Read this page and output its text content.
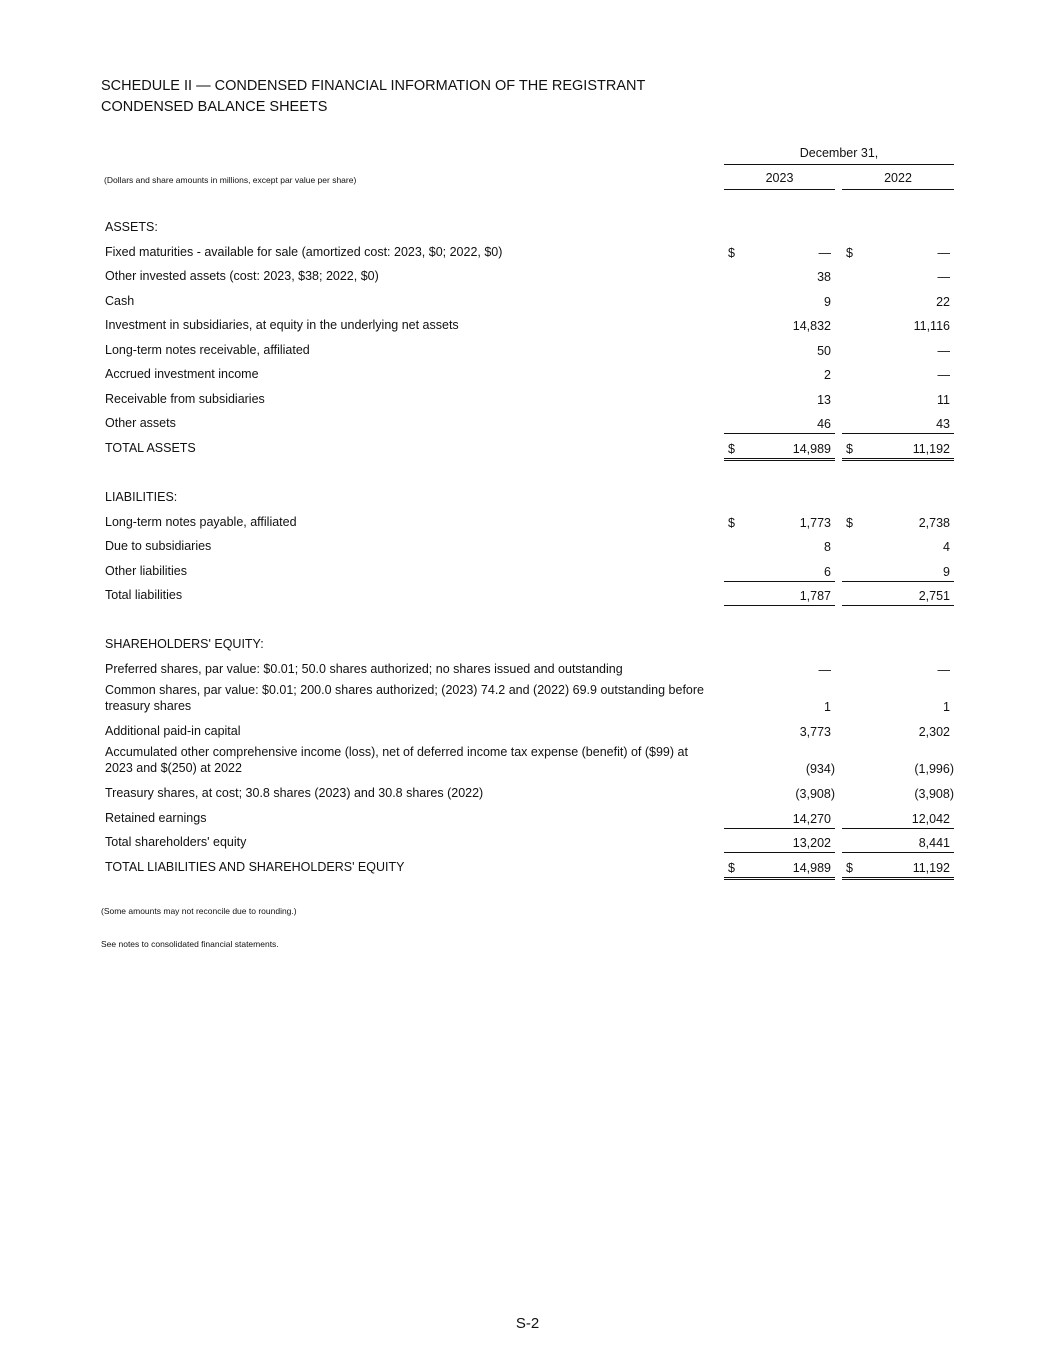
SCHEDULE II — CONDENSED FINANCIAL INFORMATION OF THE REGISTRANT
CONDENSED BALANCE SHEETS
December 31,
(Dollars and share amounts in millions, except par value per share)	2023	2022
ASSETS:
Fixed maturities - available for sale (amortized cost: 2023, $0; 2022, $0)	$	— $	—
Other invested assets (cost: 2023, $38; 2022, $0)	38	—
Cash	9	22
Investment in subsidiaries, at equity in the underlying net assets	14,832	11,116
Long-term notes receivable, affiliated	50	—
Accrued investment income	2	—
Receivable from subsidiaries	13	11
Other assets	46	43
TOTAL ASSETS	$	14,989 $	11,192
LIABILITIES:
Long-term notes payable, affiliated	$	1,773 $	2,738
Due to subsidiaries	8	4
Other liabilities	6	9
Total liabilities	1,787	2,751
SHAREHOLDERS' EQUITY:
Preferred shares, par value: $0.01; 50.0 shares authorized; no shares issued and outstanding	—	—
Common shares, par value: $0.01; 200.0 shares authorized; (2023) 74.2 and (2022) 69.9 outstanding before treasury shares	1	1
Additional paid-in capital	3,773	2,302
Accumulated other comprehensive income (loss), net of deferred income tax expense (benefit) of ($99) at 2023 and $(250) at 2022	(934)	(1,996)
Treasury shares, at cost; 30.8 shares (2023) and 30.8 shares (2022)	(3,908)	(3,908)
Retained earnings	14,270	12,042
Total shareholders' equity	13,202	8,441
TOTAL LIABILITIES AND SHAREHOLDERS' EQUITY	$	14,989 $	11,192
(Some amounts may not reconcile due to rounding.)
See notes to consolidated financial statements.
S-2
